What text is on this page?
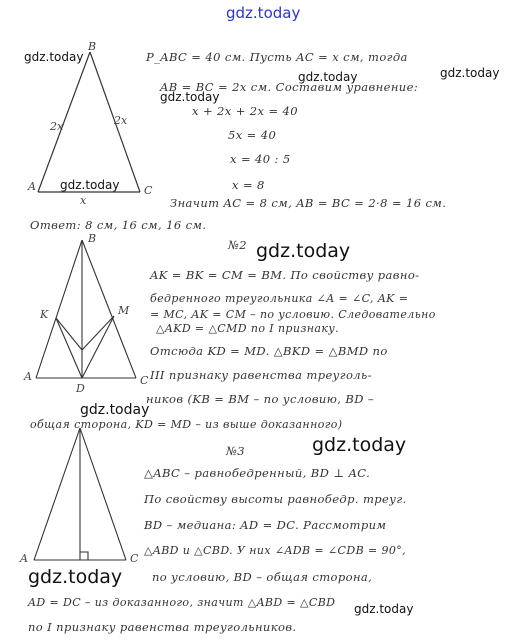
B
A	C
2x	2x
x
B
K	M
A
D
C
A	C
P_ABC = 40 см. Пусть AC = x см, тогда
AB = BC = 2x см. Составим уравнение:
x + 2x + 2x = 40
5x = 40
x = 40 : 5
x = 8
Значит AC = 8 см, AB = BC = 2·8 = 16 см.
Ответ: 8 см, 16 см, 16 см.
№2
AK = BK = CM = BM. По свойству равно-
бедренного треугольника ∠A = ∠C, AK =
= MC, AK = CM – по условию. Следовательно
△AKD = △CMD по I признаку.
Отсюда KD = MD. △BKD = △BMD по
III признаку равенства треуголь-
ников (KB = BM – по условию, BD –
общая сторона, KD = MD – из выше доказанного)
№3
△ABC – равнобедренный, BD ⊥ AC.
По свойству высоты равнобедр. треуг.
BD – медиана: AD = DC. Рассмотрим
△ABD и △CBD. У них ∠ADB = ∠CDB = 90°,
по условию, BD – общая сторона,
AD = DC – из доказанного, значит △ABD = △CBD
по I признаку равенства треугольников.
gdz.today
gdz.today
gdz.today	gdz.today
gdz.today
gdz.today
gdz.today
gdz.today
gdz.today
gdz.today
gdz.today
